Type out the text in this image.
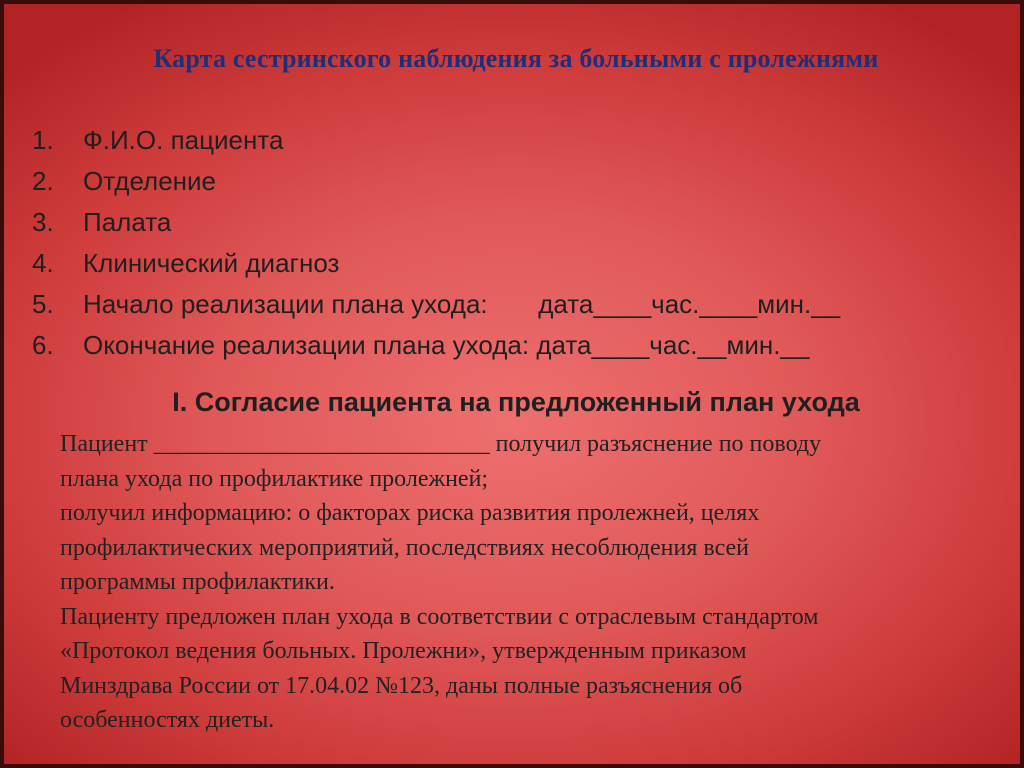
Карта сестринского наблюдения за больными с пролежнями
1.	Ф.И.О. пациента
2.	Отделение
3.	Палата
4.	Клинический диагноз
5.	Начало реализации плана ухода:       дата____час.____мин.__
6.	Окончание реализации плана ухода: дата____час.__мин.__
I. Согласие пациента на предложенный план ухода
Пациент ____________________________ получил разъяснение по поводу
плана ухода по профилактике пролежней;
получил информацию: о факторах риска развития пролежней, целях
профилактических мероприятий, последствиях несоблюдения всей
программы профилактики.
Пациенту предложен план ухода в соответствии с отраслевым стандартом
«Протокол ведения больных. Пролежни», утвержденным приказом
Минздрава России от 17.04.02 №123, даны полные разъяснения об
особенностях диеты.
